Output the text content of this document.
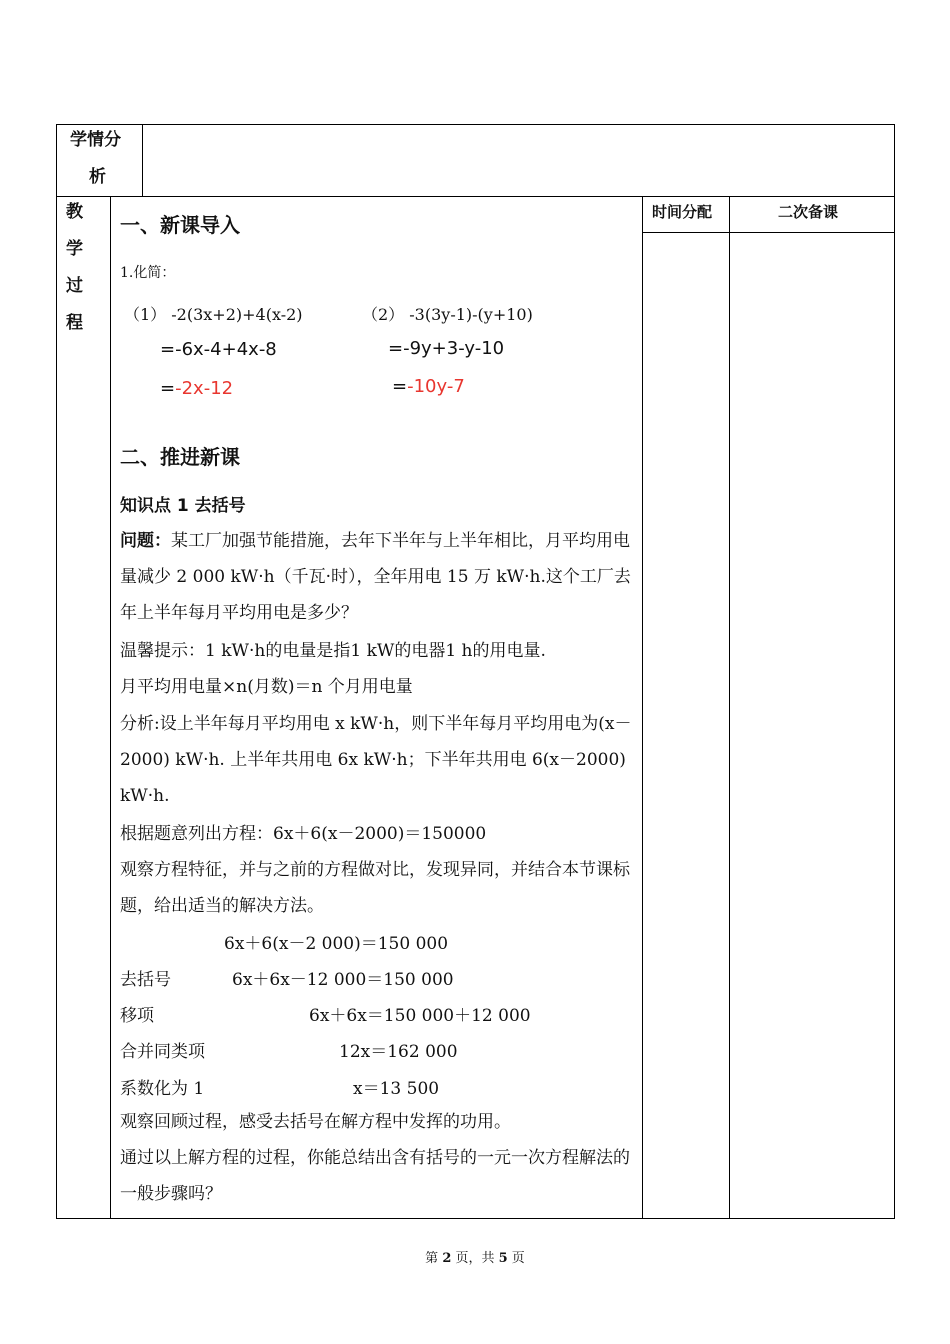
学情分
析
教
学
过
程
时间分配	二次备课
一、新课导入
1.化简：
（1） -2(3x+2)+4(x-2)
=-6x-4+4x-8
=-2x-12
（2） -3(3y-1)-(y+10)
=-9y+3-y-10
=-10y-7
二、推进新课
知识点 1 去括号
问题：某工厂加强节能措施，去年下半年与上半年相比，月平均用电量减少 2 000 kW·h（千瓦·时），全年用电 15 万 kW·h.这个工厂去年上半年每月平均用电是多少？
温馨提示：1 kW·h的电量是指1 kW的电器1 h的用电量.
月平均用电量×n(月数)＝n 个月用电量
分析:设上半年每月平均用电 x kW·h，则下半年每月平均用电为(x－2000) kW·h. 上半年共用电 6x kW·h；下半年共用电 6(x－2000) kW·h.
根据题意列出方程：6x＋6(x－2000)＝150000
观察方程特征，并与之前的方程做对比，发现异同，并结合本节课标题，给出适当的解决方法。
6x＋6(x－2 000)＝150 000
去括号	6x＋6x－12 000＝150 000
移项	6x＋6x＝150 000＋12 000
合并同类项	12x＝162 000
系数化为 1	x＝13 500
观察回顾过程，感受去括号在解方程中发挥的功用。
通过以上解方程的过程，你能总结出含有括号的一元一次方程解法的一般步骤吗？
第 2 页，共 5 页
